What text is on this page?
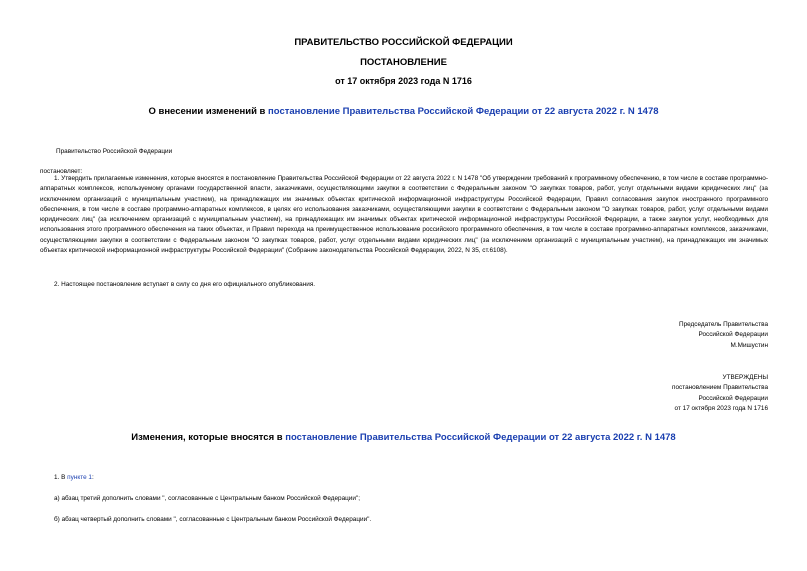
ПРАВИТЕЛЬСТВО РОССИЙСКОЙ ФЕДЕРАЦИИ
ПОСТАНОВЛЕНИЕ
от 17 октября 2023 года N 1716
О внесении изменений в постановление Правительства Российской Федерации от 22 августа 2022 г. N 1478
Правительство Российской Федерации
постановляет:
1. Утвердить прилагаемые изменения, которые вносятся в постановление Правительства Российской Федерации от 22 августа 2022 г. N 1478 "Об утверждении требований к программному обеспечению, в том числе в составе программно-аппаратных комплексов, используемому органами государственной власти, заказчиками, осуществляющими закупки в соответствии с Федеральным законом "О закупках товаров, работ, услуг отдельными видами юридических лиц" (за исключением организаций с муниципальным участием), на принадлежащих им значимых объектах критической информационной инфраструктуры Российской Федерации, Правил согласования закупок иностранного программного обеспечения, в том числе в составе программно-аппаратных комплексов, в целях его использования заказчиками, осуществляющими закупки в соответствии с Федеральным законом "О закупках товаров, работ, услуг отдельными видами юридических лиц" (за исключением организаций с муниципальным участием), на принадлежащих им значимых объектах критической информационной инфраструктуры Российской Федерации, а также закупок услуг, необходимых для использования этого программного обеспечения на таких объектах, и Правил перехода на преимущественное использование российского программного обеспечения, в том числе в составе программно-аппаратных комплексов, заказчиками, осуществляющими закупки в соответствии с Федеральным законом "О закупках товаров, работ, услуг отдельными видами юридических лиц" (за исключением организаций с муниципальным участием), на принадлежащих им значимых объектах критической информационной инфраструктуры Российской Федерации" (Собрание законодательства Российской Федерации, 2022, N 35, ст.6108).
2. Настоящее постановление вступает в силу со дня его официального опубликования.
Председатель Правительства
Российской Федерации
М.Мишустин
УТВЕРЖДЕНЫ
постановлением Правительства
Российской Федерации
от 17 октября 2023 года N 1716
Изменения, которые вносятся в постановление Правительства Российской Федерации от 22 августа 2022 г. N 1478
1. В пункте 1:
а) абзац третий дополнить словами ", согласованные с Центральным банком Российской Федерации";
б) абзац четвертый дополнить словами ", согласованные с Центральным банком Российской Федерации".
